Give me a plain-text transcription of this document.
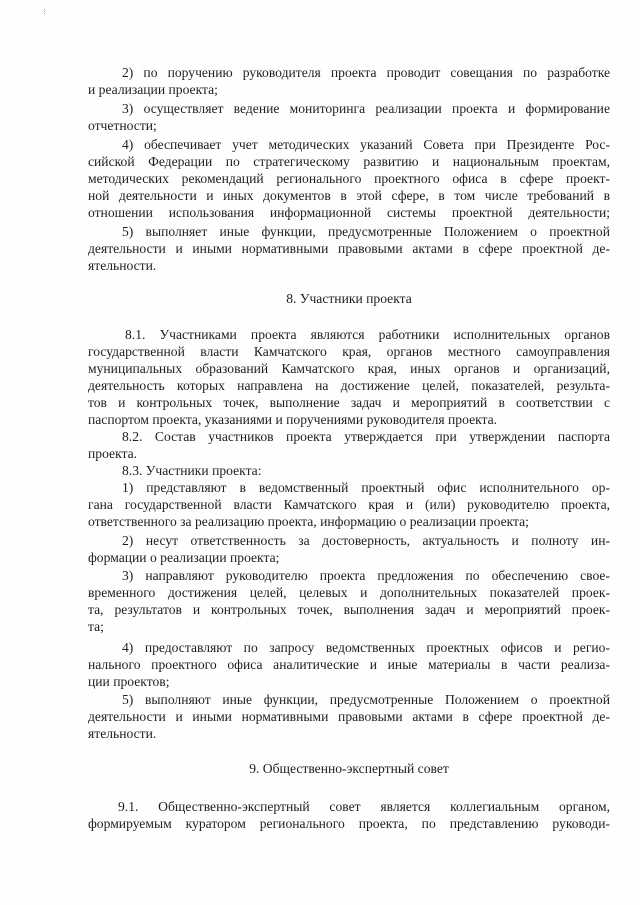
2) по поручению руководителя проекта проводит совещания по разработке
и реализации проекта;
3) осуществляет ведение мониторинга реализации проекта и формирование
отчетности;
4) обеспечивает учет методических указаний Совета при Президенте Рос-
сийской Федерации по стратегическому развитию и национальным проектам,
методических рекомендаций регионального проектного офиса в сфере проект-
ной деятельности и иных документов в этой сфере, в том числе требований в
отношении использования информационной системы проектной деятельности;
5) выполняет иные функции, предусмотренные Положением о проектной
деятельности и иными нормативными правовыми актами в сфере проектной де-
ятельности.
8. Участники проекта
8.1. Участниками проекта являются работники исполнительных органов
государственной власти Камчатского края, органов местного самоуправления
муниципальных образований Камчатского края, иных органов и организаций,
деятельность которых направлена на достижение целей, показателей, результа-
тов и контрольных точек, выполнение задач и мероприятий в соответствии с
паспортом проекта, указаниями и поручениями руководителя проекта.
8.2. Состав участников проекта утверждается при утверждении паспорта
проекта.
8.3. Участники проекта:
1) представляют в ведомственный проектный офис исполнительного ор-
гана государственной власти Камчатского края и (или) руководителю проекта,
ответственного за реализацию проекта, информацию о реализации проекта;
2) несут ответственность за достоверность, актуальность и полноту ин-
формации о реализации проекта;
3) направляют руководителю проекта предложения по обеспечению свое-
временного достижения целей, целевых и дополнительных показателей проек-
та, результатов и контрольных точек, выполнения задач и мероприятий проек-
та;
4) предоставляют по запросу ведомственных проектных офисов и регио-
нального проектного офиса аналитические и иные материалы в части реализа-
ции проектов;
5) выполняют иные функции, предусмотренные Положением о проектной
деятельности и иными нормативными правовыми актами в сфере проектной де-
ятельности.
9. Общественно-экспертный совет
9.1. Общественно-экспертный совет является коллегиальным органом,
формируемым куратором регионального проекта, по представлению руководи-
